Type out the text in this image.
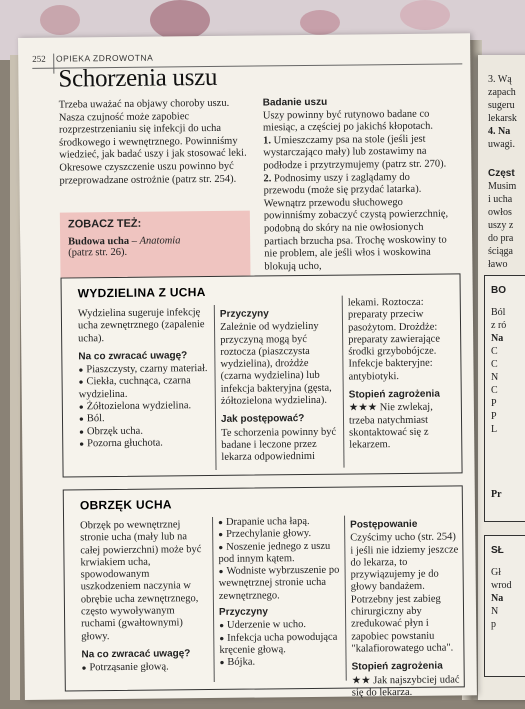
3. Wą
zapach
sugeru
lekarsk
4. Na
uwagi.
Częst
Musim
i ucha
owłos
uszy z
do pra
ściąga
ławo
BO
Ból
z ró
Na
C
C
N
C
P
P
L
Pr
SŁ
Gł
wrod
Na
N
p
252 OPIEKA ZDROWOTNA
Schorzenia uszu

Trzeba uważać na objawy choroby uszu. Nasza czujność może zapobiec rozprzestrzenianiu się infekcji do ucha środkowego i wewnętrznego. Powinniśmy wiedzieć, jak badać uszy i jak stosować leki. Okresowe czyszczenie uszu powinno być przeprowadzane ostrożnie (patrz str. 254).

ZOBACZ TEŻ:
Budowa ucha – Anatomia
(patrz str. 26).
Badanie uszu

Uszy powinny być rutynowo badane co miesiąc, a częściej po jakichś kłopotach.

1. Umieszczamy psa na stole (jeśli jest wystarczająco mały) lub zostawimy na podłodze i przytrzymujemy (patrz str. 270).

2. Podnosimy uszy i zaglądamy do przewodu (może się przydać latarka). Wewnątrz przewodu słuchowego powinniśmy zobaczyć czystą powierzchnię, podobną do skóry na nie owłosionych partiach brzucha psa. Trochę woskowiny to nie problem, ale jeśli włos i woskowina blokują ucho,

WYDZIELINA Z UCHA

Wydzielina sugeruje infekcję ucha zewnętrznego (zapalenie ucha).

Na co zwracać uwagę?
● Piaszczysty, czarny materiał.
● Ciekła, cuchnąca, czarna wydzielina.
● Żółtozielona wydzielina.
● Ból.
● Obrzęk ucha.
● Pozorna głuchota.
Przyczyny

Zależnie od wydzieliny przyczyną mogą być roztocza (piaszczysta wydzielina), drożdże (czarna wydzielina) lub infekcja bakteryjna (gęsta, żółtozielona wydzielina).

Jak postępować?

Te schorzenia powinny być badane i leczone przez lekarza odpowiednimi

lekami. Roztocza: preparaty przeciw pasożytom. Drożdże: preparaty zawierające środki grzybobójcze. Infekcje bakteryjne: antybiotyki.

Stopień zagrożenia

★★★ Nie zwlekaj, trzeba natychmiast skontaktować się z lekarzem.

OBRZĘK UCHA

Obrzęk po wewnętrznej stronie ucha (mały lub na całej powierzchni) może być krwiakiem ucha, spowodowanym uszkodzeniem naczynia w obrębie ucha zewnętrznego, często wywoływanym ruchami (gwałtownymi) głowy.

Na co zwracać uwagę?
● Potrząsanie głową.
● Drapanie ucha łapą.
● Przechylanie głowy.
● Noszenie jednego z uszu pod innym kątem.
● Wodniste wybrzuszenie po wewnętrznej stronie ucha zewnętrznego.
Przyczyny
● Uderzenie w ucho.
● Infekcja ucha powodująca kręcenie głową.
● Bójka.
Postępowanie

Czyścimy ucho (str. 254) i jeśli nie idziemy jeszcze do lekarza, to przywiązujemy je do głowy bandażem. Potrzebny jest zabieg chirurgiczny aby zredukować płyn i zapobiec powstaniu "kalafiorowatego ucha".

Stopień zagrożenia

★★ Jak najszybciej udać się do lekarza.
